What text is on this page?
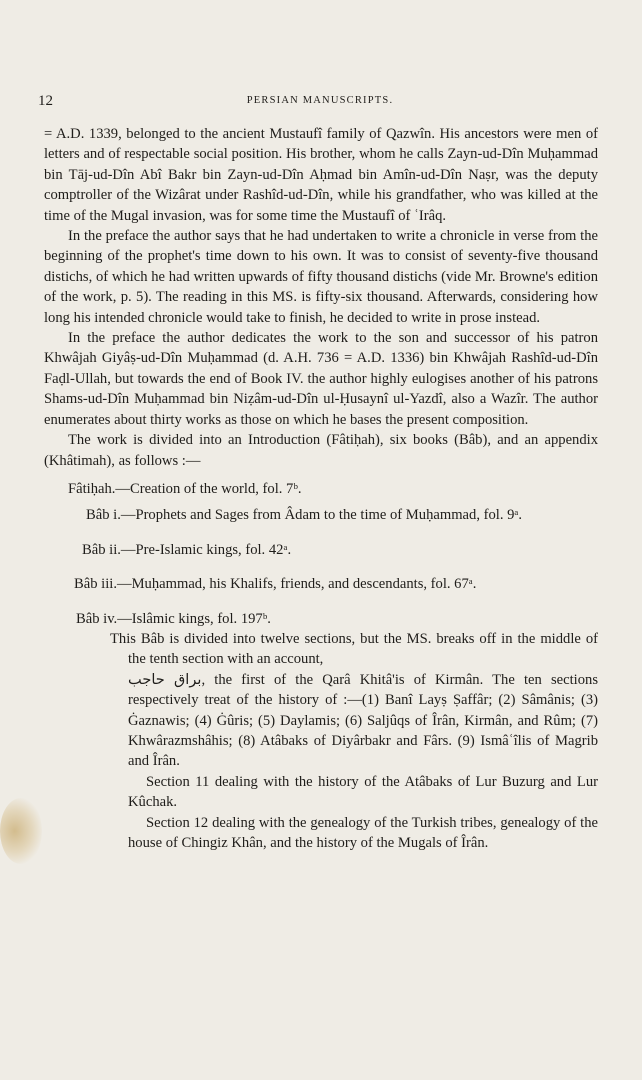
12	PERSIAN MANUSCRIPTS.

= A.D. 1339, belonged to the ancient Mustaufî family of Qazwîn. His ancestors were men of letters and of respectable social position. His brother, whom he calls Zayn-ud-Dîn Muḥammad bin Tāj-ud-Dîn Abî Bakr bin Zayn-ud-Dîn Aḥmad bin Amîn-ud-Dîn Naṣr, was the deputy comptroller of the Wizârat under Rashîd-ud-Dîn, while his grandfather, who was killed at the time of the Mugal invasion, was for some time the Mustaufî of ʿIrâq.

In the preface the author says that he had undertaken to write a chronicle in verse from the beginning of the prophet's time down to his own. It was to consist of seventy-five thousand distichs, of which he had written upwards of fifty thousand distichs (vide Mr. Browne's edition of the work, p. 5). The reading in this MS. is fifty-six thousand. Afterwards, considering how long his intended chronicle would take to finish, he decided to write in prose instead.

In the preface the author dedicates the work to the son and successor of his patron Khwâjah Giyâṣ-ud-Dîn Muḥammad (d. A.H. 736 = A.D. 1336) bin Khwâjah Rashîd-ud-Dîn Faḍl-Ullah, but towards the end of Book IV. the author highly eulogises another of his patrons Shams-ud-Dîn Muḥammad bin Niẓâm-ud-Dîn ul-Ḥusaynî ul-Yazdî, also a Wazîr. The author enumerates about thirty works as those on which he bases the present composition.

The work is divided into an Introduction (Fâtiḥah), six books (Bâb), and an appendix (Khâtimah), as follows :—

Fâtiḥah.—Creation of the world, fol. 7ᵇ.

Bâb i.—Prophets and Sages from Âdam to the time of Muḥammad, fol. 9ᵃ.

Bâb ii.—Pre-Islamic kings, fol. 42ᵃ.

Bâb iii.—Muḥammad, his Khalifs, friends, and descendants, fol. 67ᵃ.

Bâb iv.—Islâmic kings, fol. 197ᵇ.

This Bâb is divided into twelve sections, but the MS. breaks off in the middle of the tenth section with an account,

براق حاجب, the first of the Qarâ Khitâ'is of Kirmân. The ten sections respectively treat of the history of :—(1) Banî Layṣ Ṣaffâr; (2) Sâmânis; (3) Ġaznawis; (4) Ġûris; (5) Daylamis; (6) Saljûqs of Îrân, Kirmân, and Rûm; (7) Khwârazmshâhis; (8) Atâbaks of Diyârbakr and Fârs. (9) Ismâʿîlis of Magrib and Îrân.

Section 11 dealing with the history of the Atâbaks of Lur Buzurg and Lur Kûchak.

Section 12 dealing with the genealogy of the Turkish tribes, genealogy of the house of Chingiz Khân, and the history of the Mugals of Îrân.
